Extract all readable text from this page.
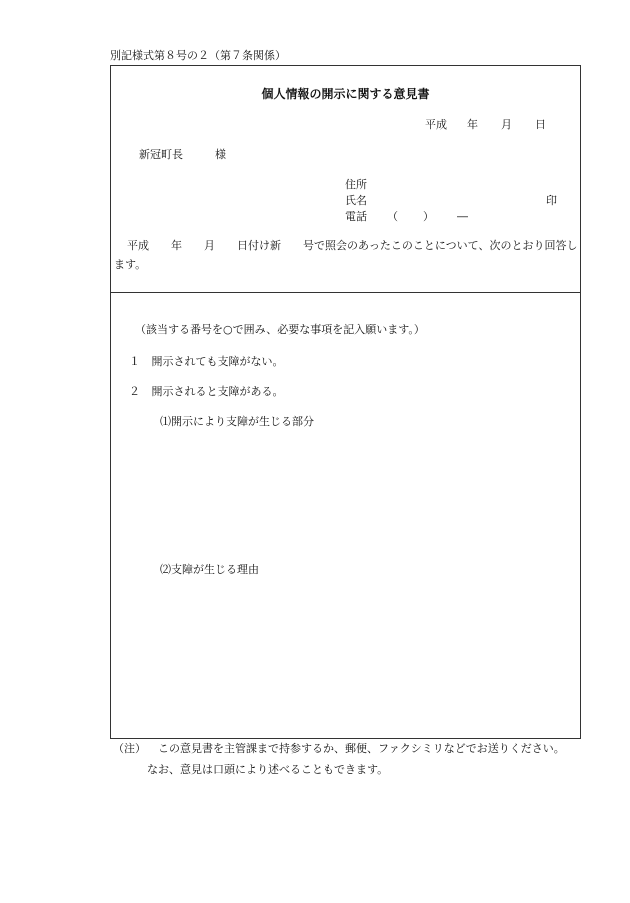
別記様式第８号の２（第７条関係）
個人情報の開示に関する意見書
平成 年 月 日
新冠町長	様
住所
氏名	印
電話 （ ） ―
平成　　年　　月　　日付け新　　号で照会のあったこのことについて、次のとおり回答し
ます。
（該当する番号を○で囲み、必要な事項を記入願います。）
１ 開示されても支障がない。
２ 開示されると支障がある。
⑴開示により支障が生じる部分
⑵支障が生じる理由
（注） この意見書を主管課まで持参するか、郵便、ファクシミリなどでお送りください。
なお、意見は口頭により述べることもできます。
